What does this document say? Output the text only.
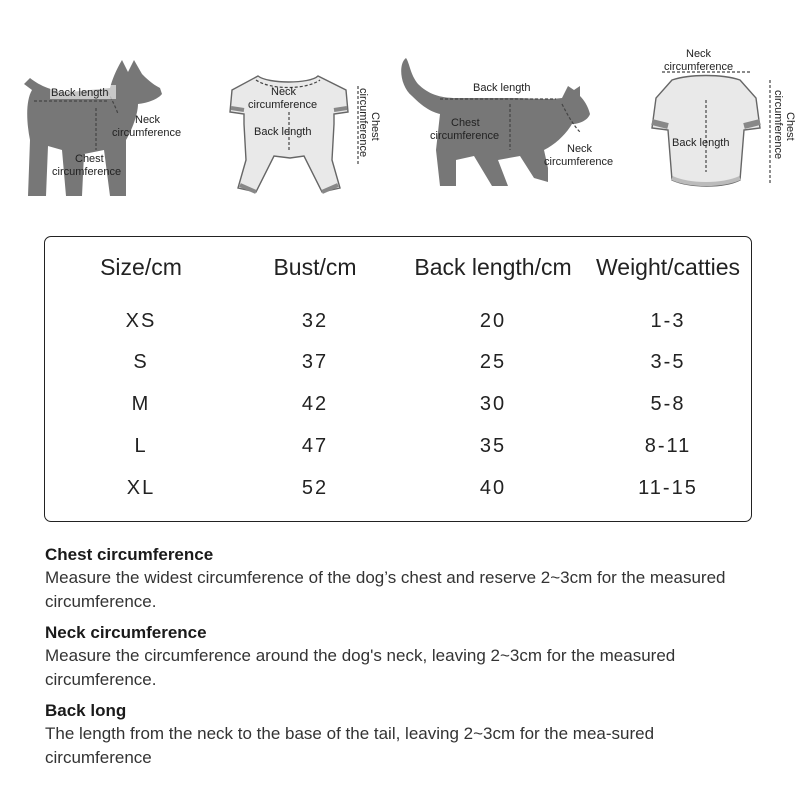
Back length
Neck
circumference
Chest
circumference
Neck
circumference
Back length	Chest
circumference	Back length
Chest
circumference
Neck
circumference
Neck
circumference
Back length
Chest
circumference
Size/cm	Bust/cm	Back length/cm	Weight/catties
XS	32	20	1-3
S	37	25	3-5
M	42	30	5-8
L	47	35	8-11
XL	52	40	11-15
Chest circumference

Measure the widest circumference of the dog’s chest and reserve 2~3cm for the measured circumference.

Neck circumference

Measure the circumference around the dog's neck, leaving 2~3cm for the measured circumference.

Back long

The length from the neck to the base of the tail, leaving 2~3cm for the mea-sured circumference
